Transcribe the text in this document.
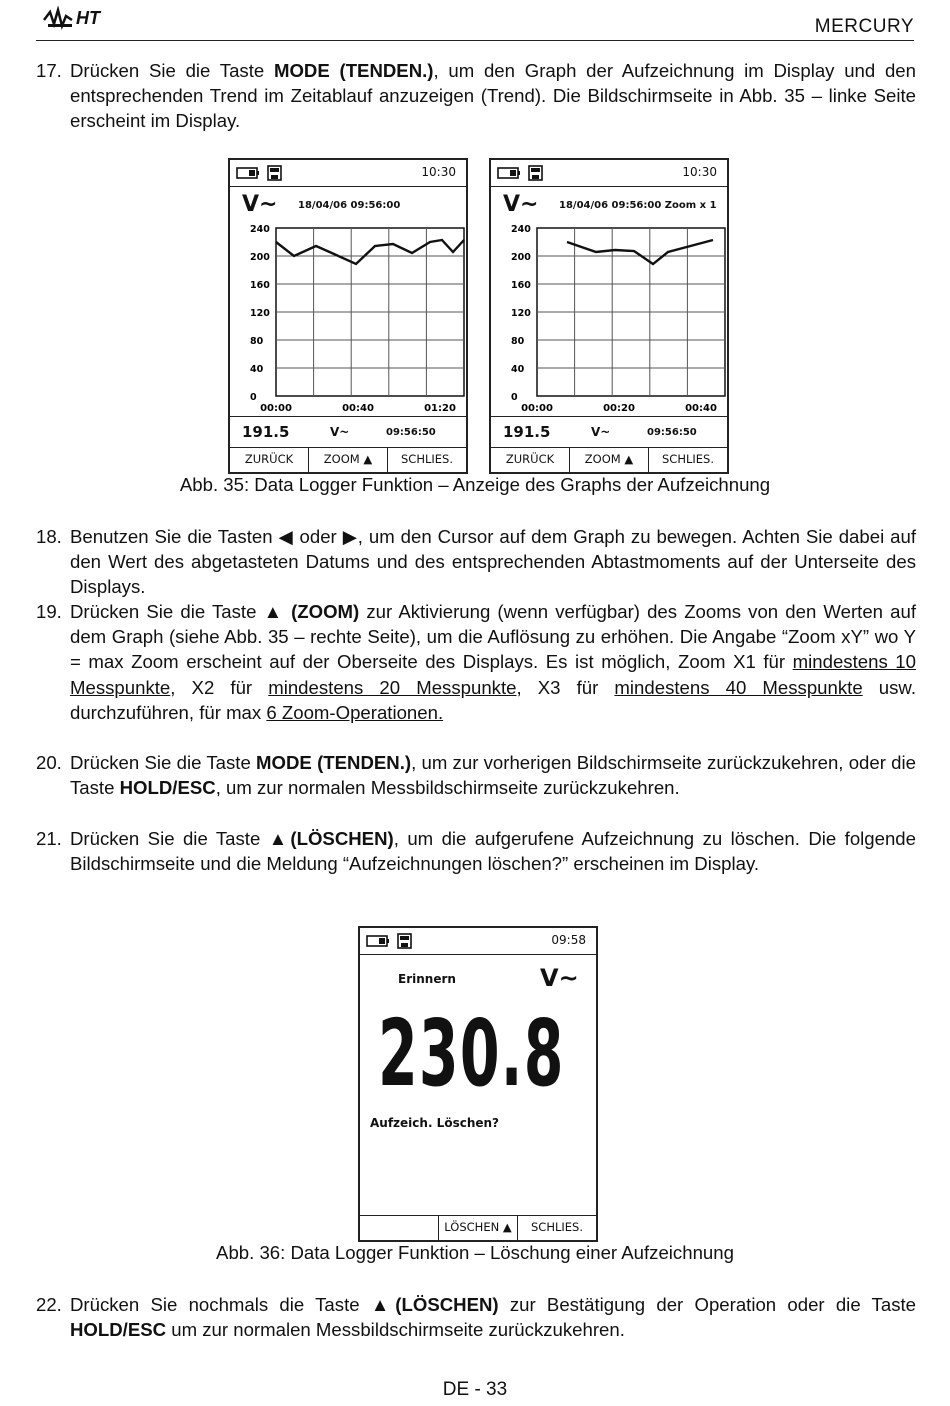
HT	MERCURY
17. Drücken Sie die Taste MODE (TENDEN.), um den Graph der Aufzeichnung im Display und den entsprechenden Trend im Zeitablauf anzuzeigen (Trend). Die Bildschirmseite in Abb. 35 – linke Seite erscheint im Display.
10:30
V~ 18/04/06 09:56:00
240
200
160
120
80
40
0
00:00	00:40	01:20
191.5	V~	09:56:50
ZURÜCK	ZOOM ▲	SCHLIES.
10:30
V~ 18/04/06 09:56:00 Zoom x 1
240
200
160
120
80
40
0
00:00	00:20	00:40
191.5	V~	09:56:50
ZURÜCK	ZOOM ▲	SCHLIES.
Abb. 35: Data Logger Funktion – Anzeige des Graphs der Aufzeichnung
18. Benutzen Sie die Tasten ◀ oder ▶, um den Cursor auf dem Graph zu bewegen. Achten Sie dabei auf den Wert des abgetasteten Datums und des entsprechenden Abtastmoments auf der Unterseite des Displays.
19. Drücken Sie die Taste ▲ (ZOOM) zur Aktivierung (wenn verfügbar) des Zooms von den Werten auf dem Graph (siehe Abb. 35 – rechte Seite), um die Auflösung zu erhöhen. Die Angabe “Zoom xY” wo Y = max Zoom erscheint auf der Oberseite des Displays. Es ist möglich, Zoom X1 für mindestens 10 Messpunkte, X2 für mindestens 20 Messpunkte, X3 für mindestens 40 Messpunkte usw. durchzuführen, für max 6 Zoom-Operationen.
20. Drücken Sie die Taste MODE (TENDEN.), um zur vorherigen Bildschirmseite zurückzukehren, oder die Taste HOLD/ESC, um zur normalen Messbildschirmseite zurückzukehren.
21. Drücken Sie die Taste ▲(LÖSCHEN), um die aufgerufene Aufzeichnung zu löschen. Die folgende Bildschirmseite und die Meldung “Aufzeichnungen löschen?” erscheinen im Display.
09:58
Erinnern	V~
230.8
Aufzeich. Löschen?
LÖSCHEN ▲	SCHLIES.
Abb. 36: Data Logger Funktion – Löschung einer Aufzeichnung
22. Drücken Sie nochmals die Taste ▲(LÖSCHEN) zur Bestätigung der Operation oder die Taste HOLD/ESC um zur normalen Messbildschirmseite zurückzukehren.
DE - 33
